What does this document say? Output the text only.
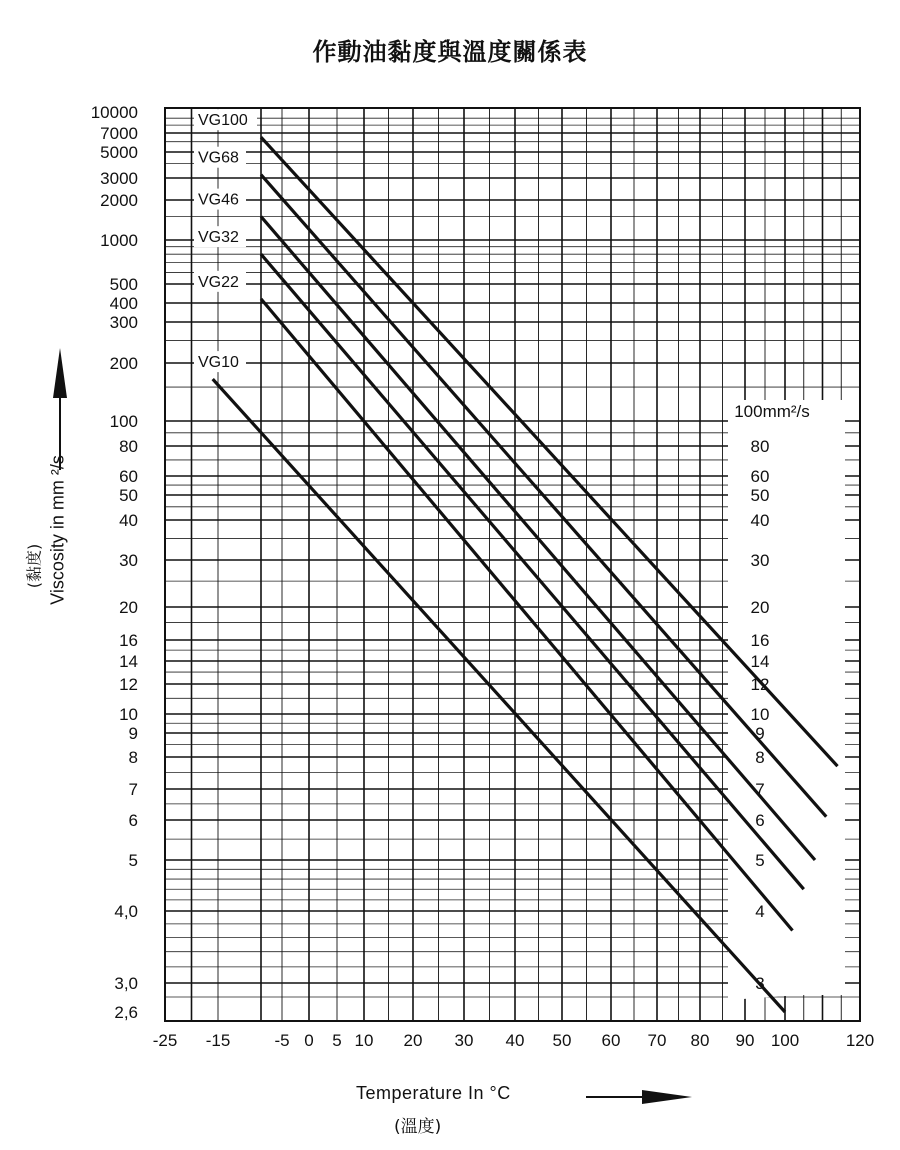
作動油黏度與溫度關係表
VG100
VG68
VG46
VG32
VG22
VG10
10000
7000
5000
3000
2000
1000
500
400
300
200
100
80
60
50
40
30
20
16
14
12
10
9
8
7
6
5
4,0
3,0
2,6
100mm²/s
80
60
50
40
30
20
16
14
12
10
9
8
7
6
5
4
3
-25 -15	-5 0 5 10 20 30 40 50 60 70 80 90 100	120
Viscosity in mm ²/s
(黏度)
Temperature In °C
(溫度)
